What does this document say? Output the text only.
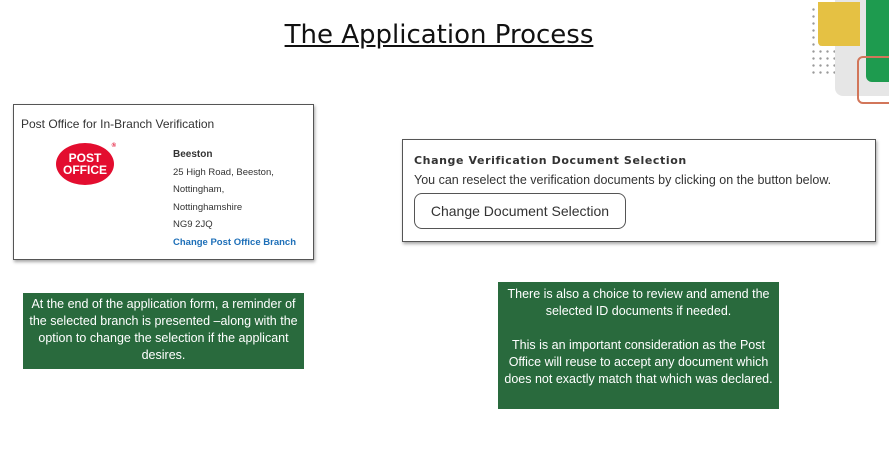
The Application Process
Post Office for In-Branch Verification
POST
OFFICE
®
Beeston
25 High Road, Beeston,
Nottingham,
Nottinghamshire
NG9 2JQ
Change Post Office Branch
Change Verification Document Selection
You can reselect the verification documents by clicking on the button below.
Change Document Selection
At the end of the application form, a reminder of the selected branch is presented –along with the option to change the selection if the applicant desires.

There is also a choice to review and amend the selected ID documents if needed.

This is an important consideration as the Post Office will reuse to accept any document which does not exactly match that which was declared.
